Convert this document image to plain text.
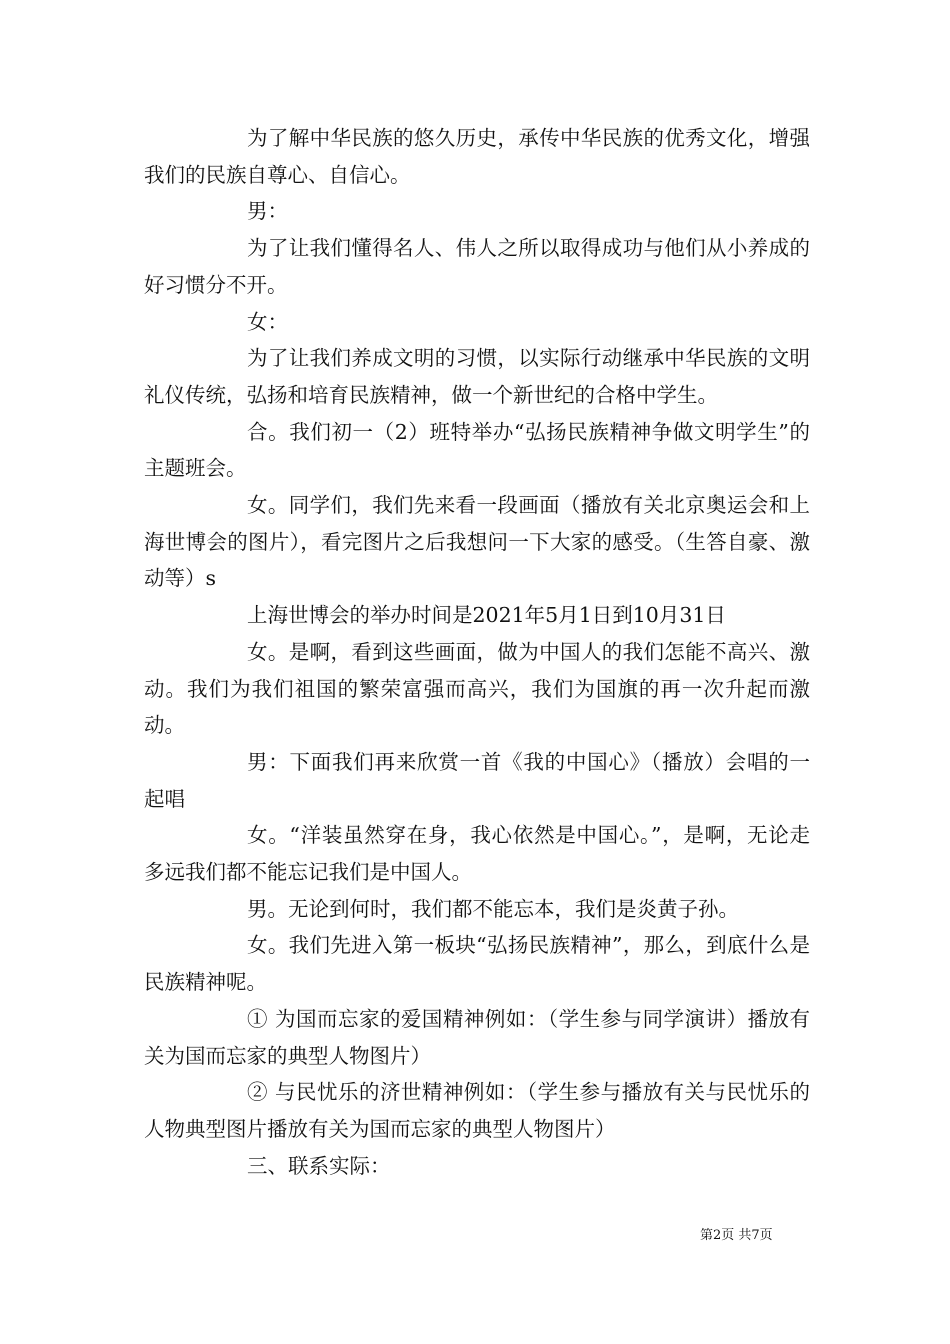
为了解中华民族的悠久历史，承传中华民族的优秀文化，增强我们的民族自尊心、自信心。

男：

为了让我们懂得名人、伟人之所以取得成功与他们从小养成的好习惯分不开。

女：

为了让我们养成文明的习惯，以实际行动继承中华民族的文明礼仪传统，弘扬和培育民族精神，做一个新世纪的合格中学生。

合。我们初一（2）班特举办“弘扬民族精神争做文明学生”的主题班会。

女。同学们，我们先来看一段画面（播放有关北京奥运会和上海世博会的图片），看完图片之后我想问一下大家的感受。（生答自豪、激动等）s

上海世博会的举办时间是2021年5月1日到10月31日

女。是啊，看到这些画面，做为中国人的我们怎能不高兴、激动。我们为我们祖国的繁荣富强而高兴，我们为国旗的再一次升起而激动。

男：下面我们再来欣赏一首《我的中国心》（播放）会唱的一起唱

女。“洋装虽然穿在身，我心依然是中国心。”，是啊，无论走多远我们都不能忘记我们是中国人。

男。无论到何时，我们都不能忘本，我们是炎黄子孙。

女。我们先进入第一板块“弘扬民族精神”，那么，到底什么是民族精神呢。

① 为国而忘家的爱国精神例如：（学生参与同学演讲）播放有关为国而忘家的典型人物图片）

② 与民忧乐的济世精神例如：（学生参与播放有关与民忧乐的人物典型图片播放有关为国而忘家的典型人物图片）

三、联系实际：

第2页 共7页
